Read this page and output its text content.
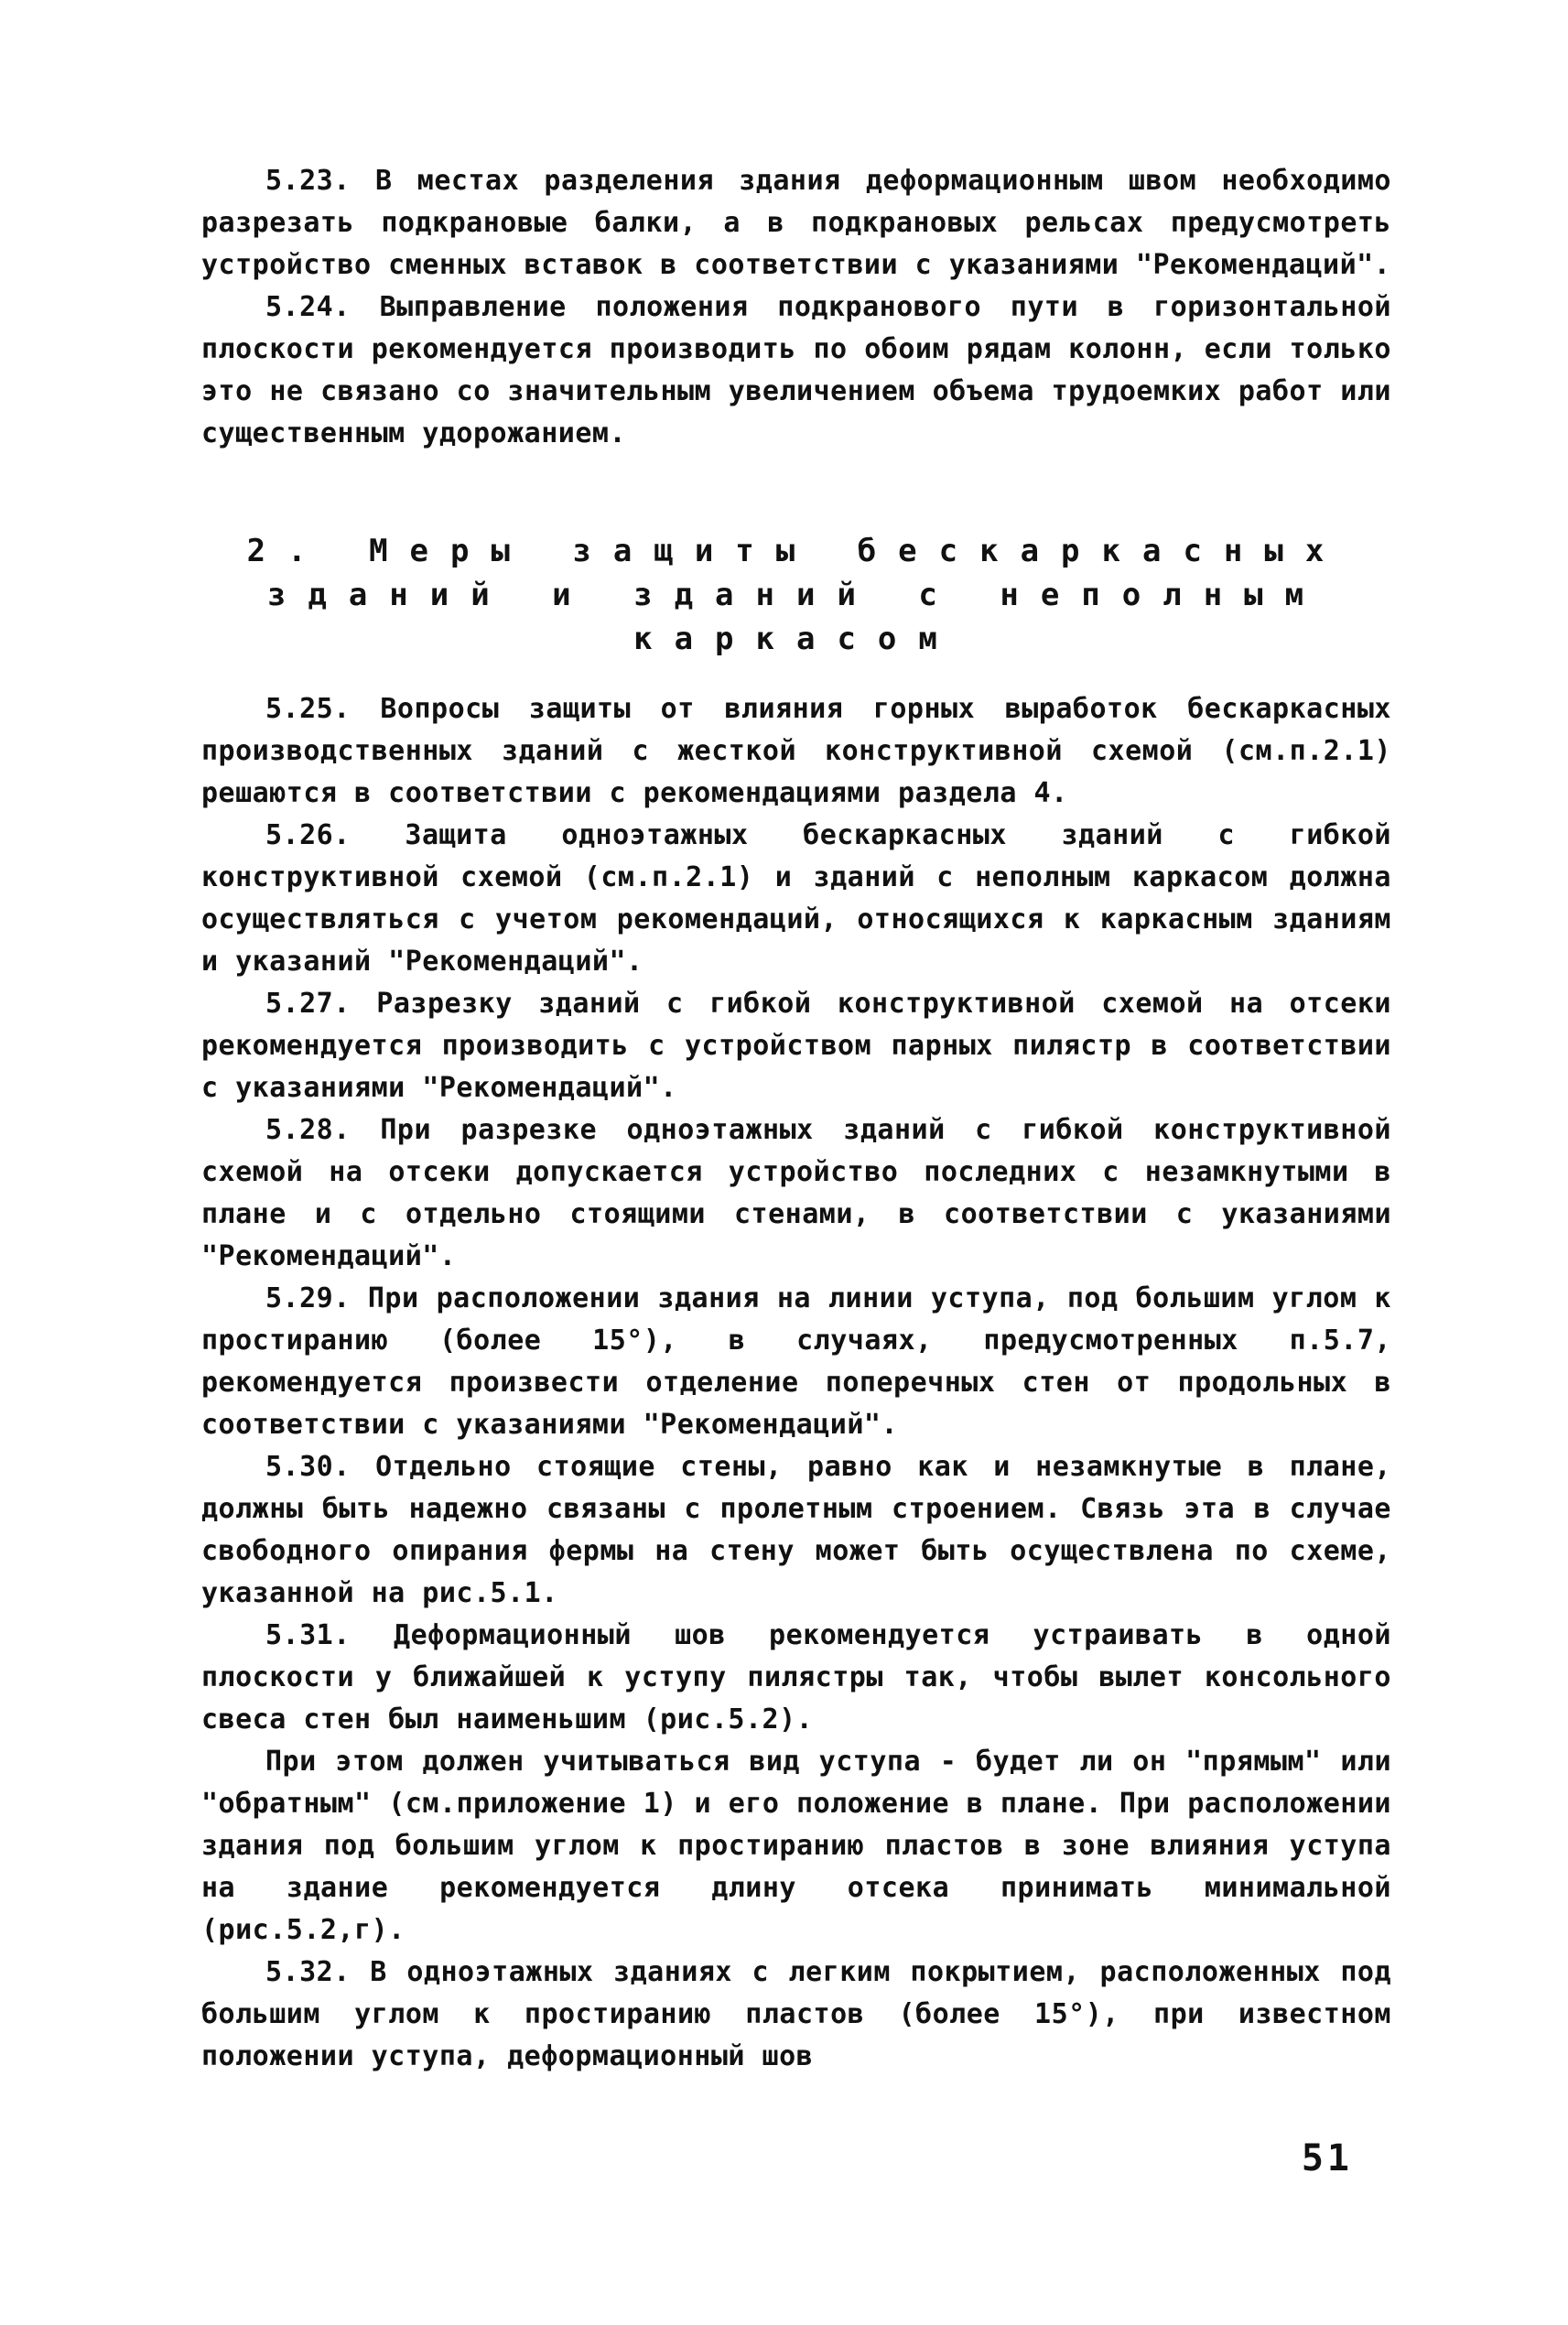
5.23. В местах разделения здания деформационным швом необходимо разрезать подкрановые балки, а в подкрановых рельсах предусмотреть устройство сменных вставок в соответствии с указаниями "Рекомендаций".

5.24. Выправление положения подкранового пути в горизонтальной плоскости рекомендуется производить по обоим рядам колонн, если только это не связано со значительным увеличением объема трудоемких работ или существенным удорожанием.

2. Меры защиты бескаркасных
зданий и зданий с неполным
каркасом

5.25. Вопросы защиты от влияния горных выработок бескаркасных производственных зданий с жесткой конструктивной схемой (см.п.2.1) решаются в соответствии с рекомендациями раздела 4.

5.26. Защита одноэтажных бескаркасных зданий с гибкой конструктивной схемой (см.п.2.1) и зданий с неполным каркасом должна осуществляться с учетом рекомендаций, относящихся к каркасным зданиям и указаний "Рекомендаций".

5.27. Разрезку зданий с гибкой конструктивной схемой на отсеки рекомендуется производить с устройством парных пилястр в соответствии с указаниями "Рекомендаций".

5.28. При разрезке одноэтажных зданий с гибкой конструктивной схемой на отсеки допускается устройство последних с незамкнутыми в плане и с отдельно стоящими стенами, в соответствии с указаниями "Рекомендаций".

5.29. При расположении здания на линии уступа, под большим углом к простиранию (более 15°), в случаях, предусмотренных п.5.7, рекомендуется произвести отделение поперечных стен от продольных в соответствии с указаниями "Рекомендаций".

5.30. Отдельно стоящие стены, равно как и незамкнутые в плане, должны быть надежно связаны с пролетным строением. Связь эта в случае свободного опирания фермы на стену может быть осуществлена по схеме, указанной на рис.5.1.

5.31. Деформационный шов рекомендуется устраивать в одной плоскости у ближайшей к уступу пилястры так, чтобы вылет консольного свеса стен был наименьшим (рис.5.2).

При этом должен учитываться вид уступа - будет ли он "прямым" или "обратным" (см.приложение 1) и его положение в плане. При расположении здания под большим углом к простиранию пластов в зоне влияния уступа на здание рекомендуется длину отсека принимать минимальной (рис.5.2,г).

5.32. В одноэтажных зданиях с легким покрытием, расположенных под большим углом к простиранию пластов (более 15°), при известном положении уступа, деформационный шов

51
